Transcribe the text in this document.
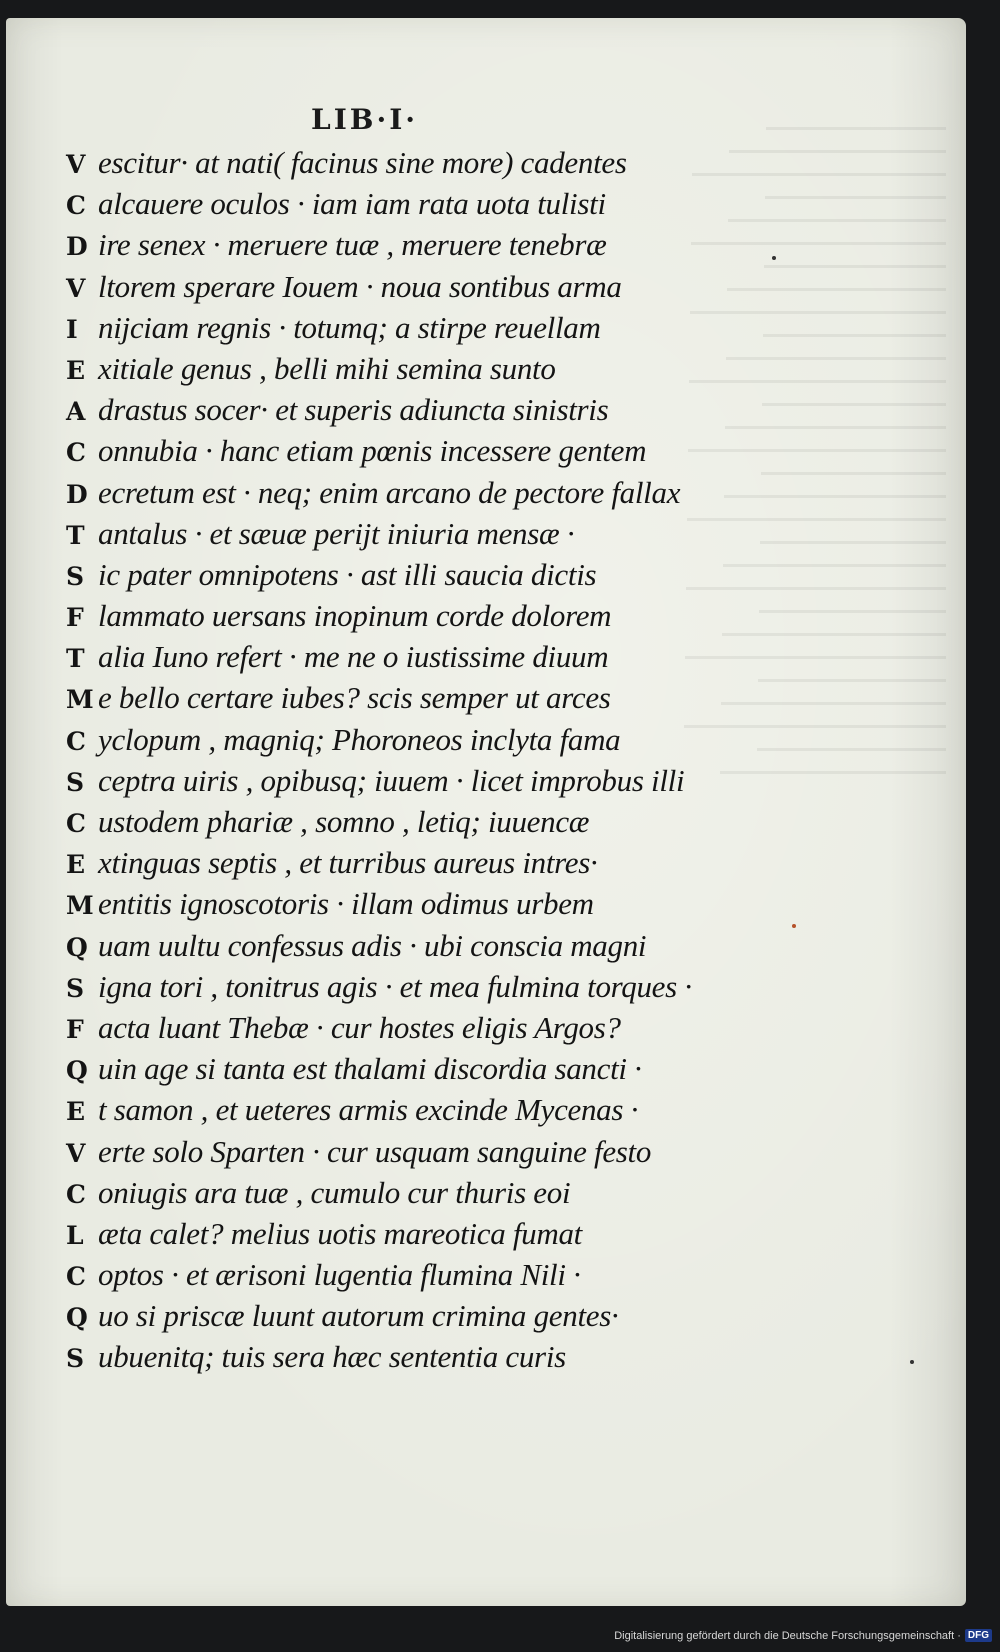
LIB·I·
V escitur· at nati( facinus sine more) cadentes
C alcauere oculos · iam iam rata uota tulisti
D ire senex · meruere tuæ , meruere tenebræ
V ltorem sperare Iouem · noua sontibus arma
I nijciam regnis · totumq; a stirpe reuellam
E xitiale genus , belli mihi semina sunto
A drastus socer· et superis adiuncta sinistris
C onnubia · hanc etiam pœnis incessere gentem
D ecretum est · neq; enim arcano de pectore fallax
T antalus · et sæuæ perijt iniuria mensæ ·
S ic pater omnipotens · ast illi saucia dictis
F lammato uersans inopinum corde dolorem
T alia Iuno refert · me ne o iustissime diuum
M e bello certare iubes? scis semper ut arces
C yclopum , magniq; Phoroneos inclyta fama
S ceptra uiris , opibusq; iuuem · licet improbus illi
C ustodem phariæ , somno , letiq; iuuencæ
E xtinguas septis , et turribus aureus intres·
M entitis ignoscotoris · illam odimus urbem
Q uam uultu confessus adis · ubi conscia magni
S igna tori , tonitrus agis · et mea fulmina torques ·
F acta luant Thebæ · cur hostes eligis Argos?
Q uin age si tanta est thalami discordia sancti ·
E t samon , et ueteres armis excinde Mycenas ·
V erte solo Sparten · cur usquam sanguine festo
C oniugis ara tuæ , cumulo cur thuris eoi
L æta calet? melius uotis mareotica fumat
C optos · et ærisoni lugentia flumina Nili ·
Q uo si priscæ luunt autorum crimina gentes·
S ubuenitq; tuis sera hæc sententia curis
Digitalisierung gefördert durch die Deutsche Forschungsgemeinschaft · DFG
